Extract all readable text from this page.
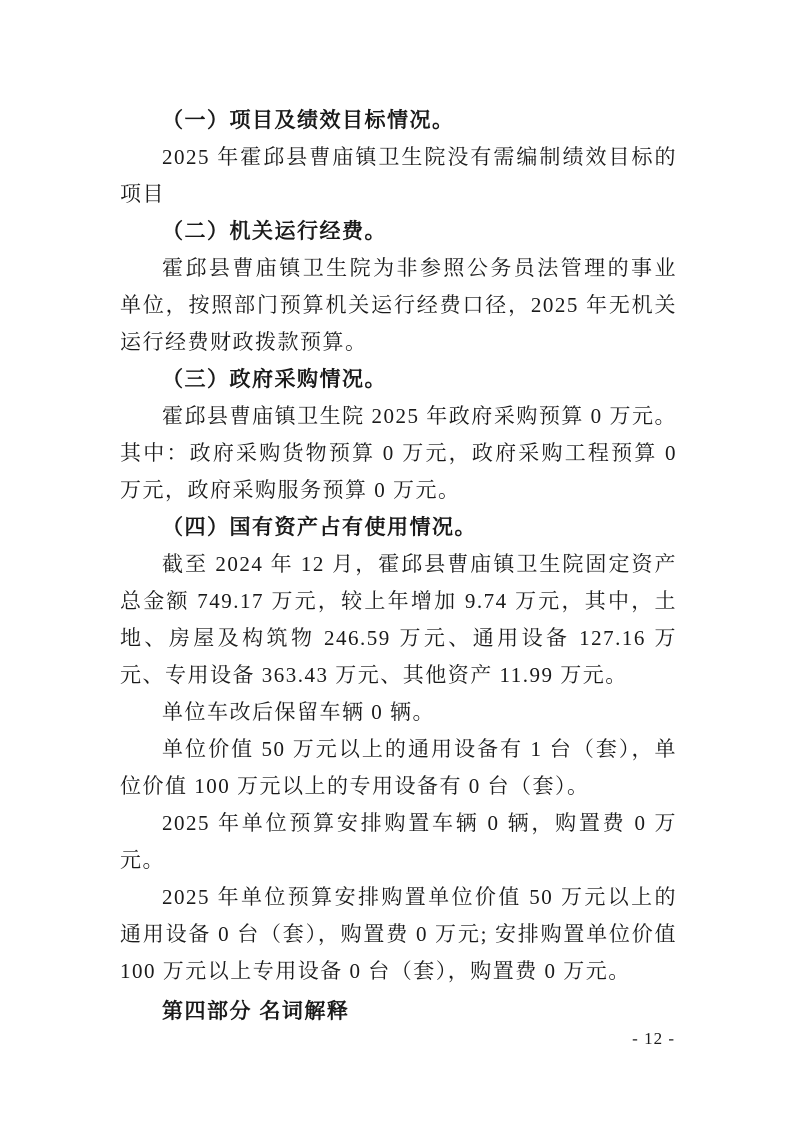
（一）项目及绩效目标情况。

2025 年霍邱县曹庙镇卫生院没有需编制绩效目标的项目

（二）机关运行经费。

霍邱县曹庙镇卫生院为非参照公务员法管理的事业单位，按照部门预算机关运行经费口径，2025 年无机关运行经费财政拨款预算。

（三）政府采购情况。

霍邱县曹庙镇卫生院 2025 年政府采购预算 0 万元。其中：政府采购货物预算 0 万元，政府采购工程预算 0 万元，政府采购服务预算 0 万元。

（四）国有资产占有使用情况。

截至 2024 年 12 月，霍邱县曹庙镇卫生院固定资产总金额 749.17 万元，较上年增加 9.74 万元，其中，土地、房屋及构筑物 246.59 万元、通用设备 127.16 万元、专用设备 363.43 万元、其他资产 11.99 万元。

单位车改后保留车辆 0 辆。

单位价值 50 万元以上的通用设备有 1 台（套），单位价值 100 万元以上的专用设备有 0 台（套）。

2025 年单位预算安排购置车辆 0 辆，购置费 0 万元。

2025 年单位预算安排购置单位价值 50 万元以上的通用设备 0 台（套），购置费 0 万元; 安排购置单位价值 100 万元以上专用设备 0 台（套），购置费 0 万元。

第四部分 名词解释

- 12 -
